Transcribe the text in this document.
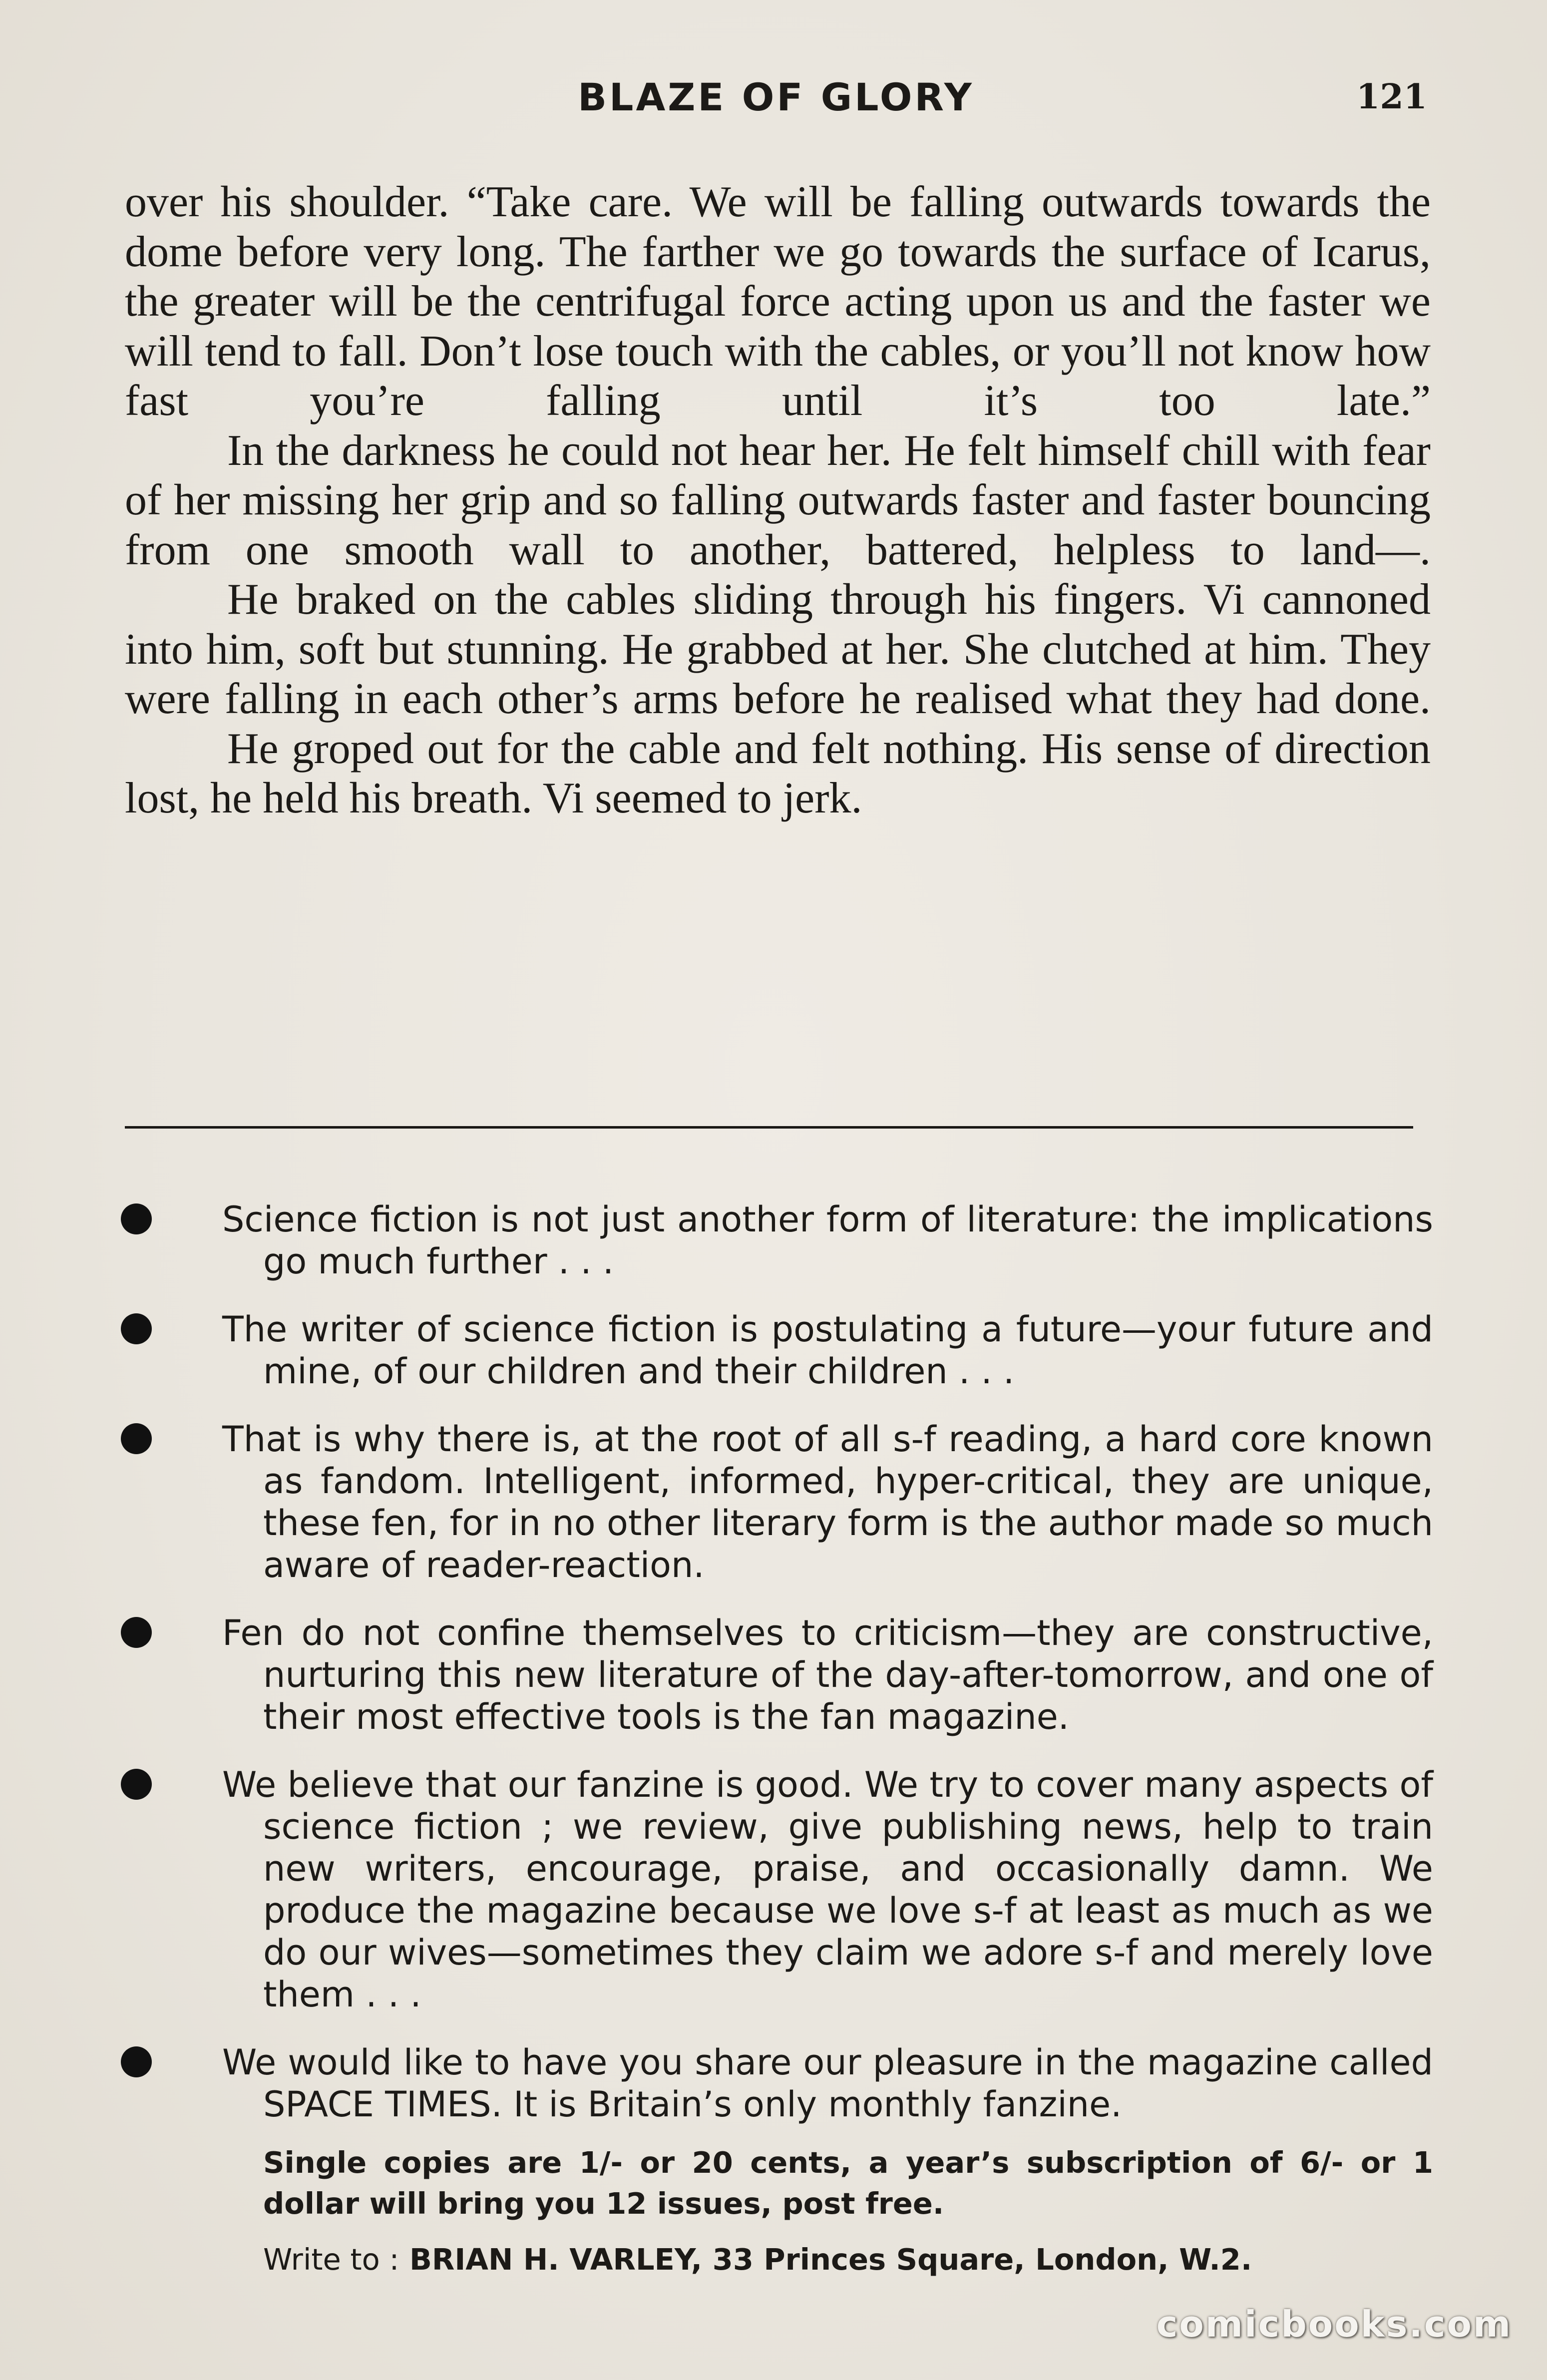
BLAZE OF GLORY	121

over his shoulder. “Take care. We will be falling outwards towards the dome before very long. The farther we go towards the surface of Icarus, the greater will be the centrifugal force acting upon us and the faster we will tend to fall. Don’t lose touch with the cables, or you’ll not know how fast you’re falling until it’s too late.”

In the darkness he could not hear her. He felt himself chill with fear of her missing her grip and so falling outwards faster and faster bouncing from one smooth wall to another, battered, helpless to land—.

He braked on the cables sliding through his fingers. Vi cannoned into him, soft but stunning. He grabbed at her. She clutched at him. They were falling in each other’s arms before he realised what they had done.

He groped out for the cable and felt nothing. His sense of direction lost, he held his breath. Vi seemed to jerk.

Science fiction is not just another form of literature: the implications go much further . . .
The writer of science fiction is postulating a future—your future and mine, of our children and their children . . .
That is why there is, at the root of all s-f reading, a hard core known as fandom. Intelligent, informed, hyper-critical, they are unique, these fen, for in no other literary form is the author made so much aware of reader-reaction.
Fen do not confine themselves to criticism—they are constructive, nurturing this new literature of the day-after-tomorrow, and one of their most effective tools is the fan magazine.
We believe that our fanzine is good. We try to cover many aspects of science fiction ; we review, give publishing news, help to train new writers, encourage, praise, and occasionally damn. We produce the magazine because we love s-f at least as much as we do our wives—sometimes they claim we adore s-f and merely love them . . .
We would like to have you share our pleasure in the magazine called SPACE TIMES. It is Britain’s only monthly fanzine.
Single copies are 1/- or 20 cents, a year’s subscription of 6/- or 1 dollar will bring you 12 issues, post free.
Write to : BRIAN H. VARLEY, 33 Princes Square, London, W.2.
comicbooks.com
